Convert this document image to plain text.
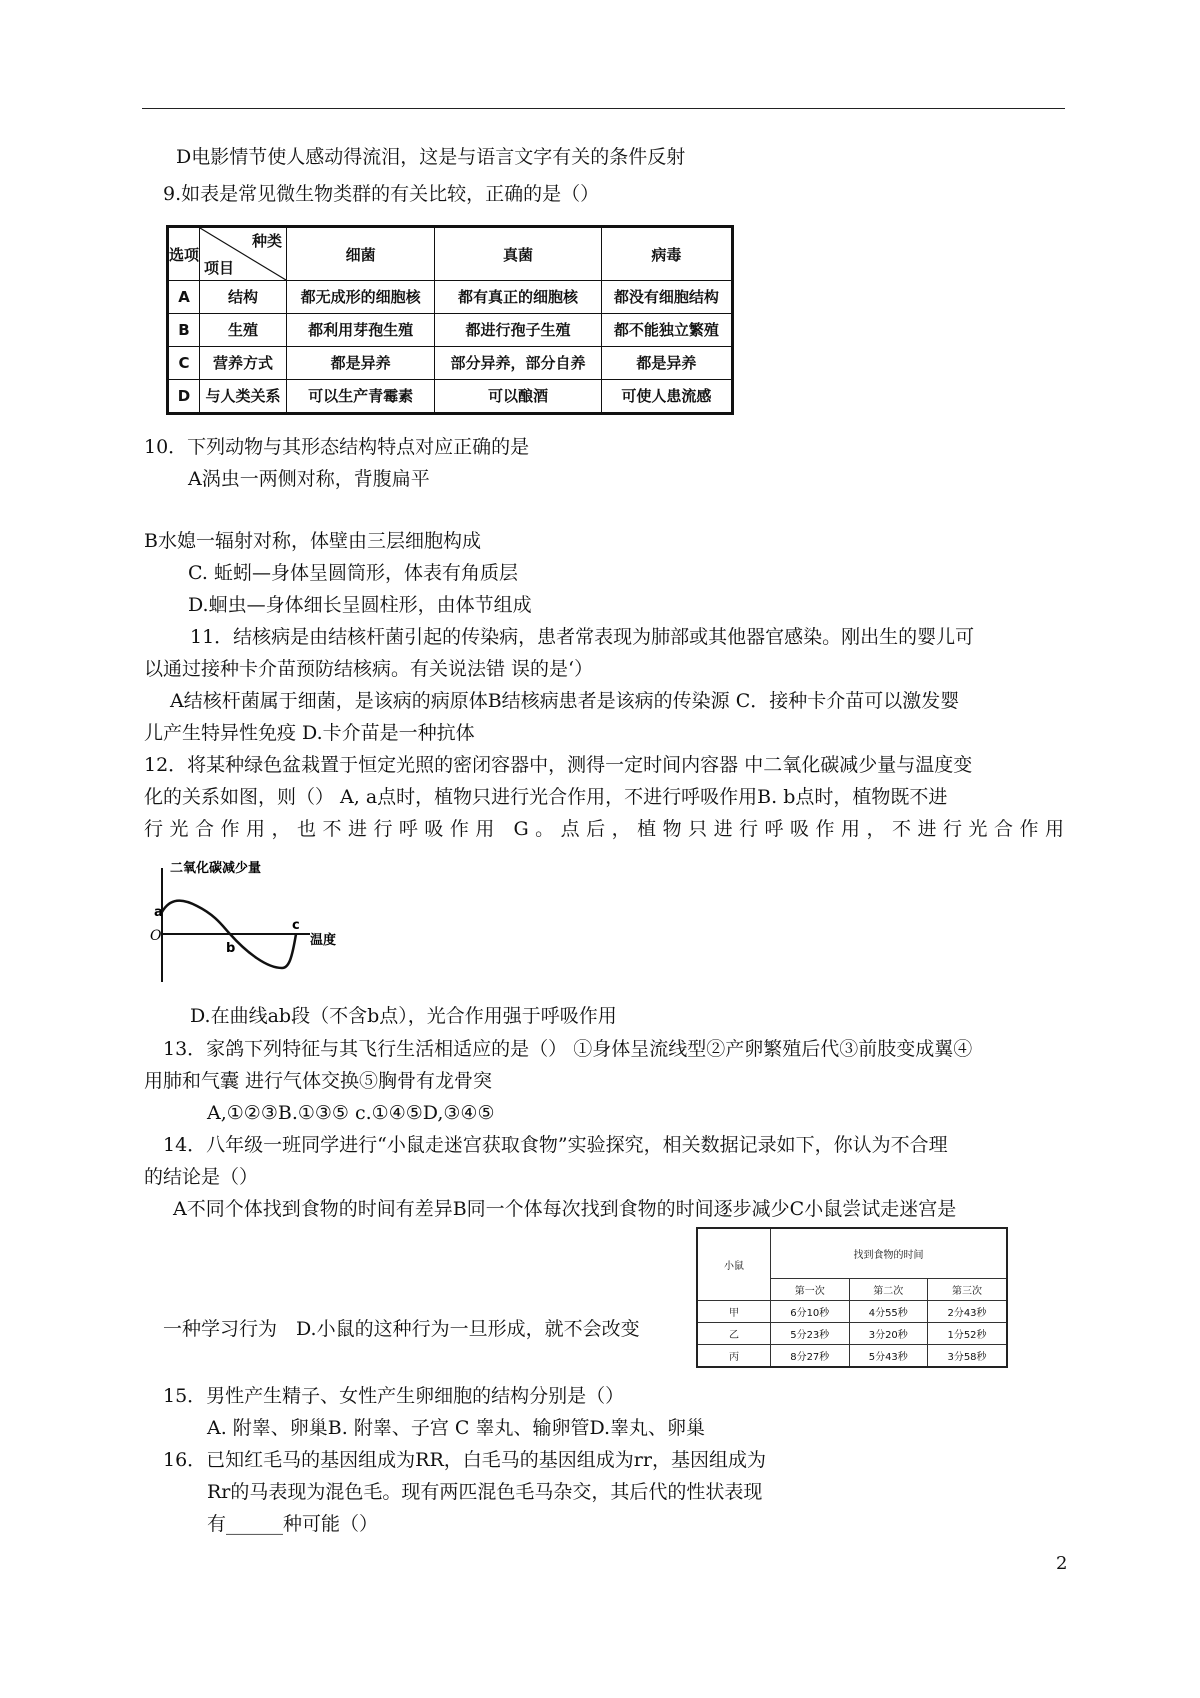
D电影情节使人感动得流泪，这是与语言文字有关的条件反射
9.如表是常见微生物类群的有关比较，正确的是（）
选项	种类
项目	细菌	真菌	病毒
A	结构	都无成形的细胞核	都有真正的细胞核	都没有细胞结构
B	生殖	都利用芽孢生殖	都进行孢子生殖	都不能独立繁殖
C	营养方式	都是异养	部分异养，部分自养	都是异养
D	与人类关系	可以生产青霉素	可以酿酒	可使人患流感
10．下列动物与其形态结构特点对应正确的是
A涡虫一两侧对称，背腹扁平
B水媳一辐射对称，体壁由三层细胞构成
C. 蚯蚓—身体呈圆筒形，体表有角质层
D.蛔虫—身体细长呈圆柱形，由体节组成
11．结核病是由结核杆菌引起的传染病，患者常表现为肺部或其他器官感染。刚出生的婴儿可
以通过接种卡介苗预防结核病。有关说法错 误的是‘）
A结核杆菌属于细菌，是该病的病原体B结核病患者是该病的传染源 C．接种卡介苗可以激发婴
儿产生特异性免疫 D.卡介苗是一种抗体
12．将某种绿色盆栽置于恒定光照的密闭容器中，测得一定时间内容器 中二氧化碳减少量与温度变
化的关系如图，则（） A, a点时，植物只进行光合作用，不进行呼吸作用B. b点时，植物既不进
行光合作用，也不进行呼吸作用 G。点后，植物只进行呼吸作用，不进行光合作用
二氧化碳减少量
a
O
b
c
温度
D.在曲线ab段（不含b点），光合作用强于呼吸作用
13．家鸽下列特征与其飞行生活相适应的是（） ①身体呈流线型②产卵繁殖后代③前肢变成翼④
用肺和气囊 进行气体交换⑤胸骨有龙骨突
A,①②③B.①③⑤ c.①④⑤D,③④⑤
14．八年级一班同学进行“小鼠走迷宫获取食物”实验探究，相关数据记录如下，你认为不合理
的结论是（）
A不同个体找到食物的时间有差异B同一个体每次找到食物的时间逐步减少C小鼠尝试走迷宫是
一种学习行为　D.小鼠的这种行为一旦形成，就不会改变
小鼠	找到食物的时间		
	第一次	第二次	第三次
甲	6分10秒	4分55秒	2分43秒
乙	5分23秒	3分20秒	1分52秒
丙	8分27秒	5分43秒	3分58秒
15．男性产生精子、女性产生卵细胞的结构分别是（）
A. 附睾、卵巢B. 附睾、子宫 C 睾丸、输卵管D.睾丸、卵巢
16．已知红毛马的基因组成为RR，白毛马的基因组成为rr，基因组成为
Rr的马表现为混色毛。现有两匹混色毛马杂交，其后代的性状表现
有______种可能（）
2
